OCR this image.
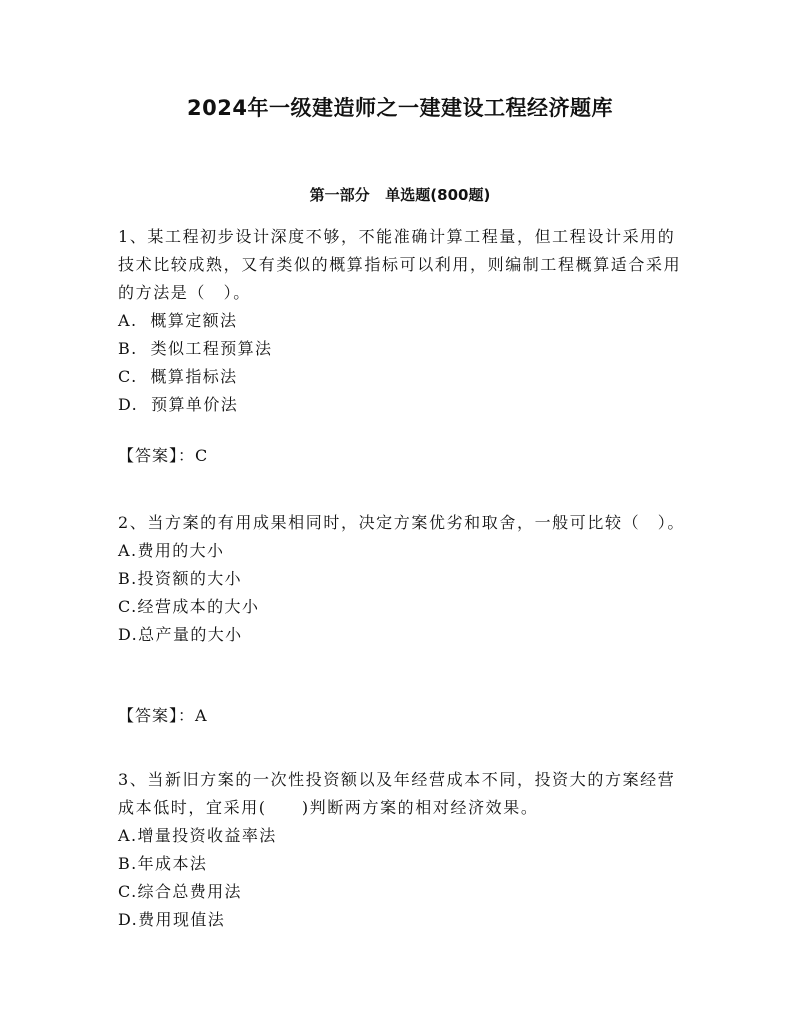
2024年一级建造师之一建建设工程经济题库
第一部分   单选题(800题)

1、某工程初步设计深度不够，不能准确计算工程量，但工程设计采用的技术比较成熟，又有类似的概算指标可以利用，则编制工程概算适合采用的方法是（　）。

A.  概算定额法

B.  类似工程预算法

C.  概算指标法

D.  预算单价法

【答案】：C

2、当方案的有用成果相同时，决定方案优劣和取舍，一般可比较（　）。

A.费用的大小

B.投资额的大小

C.经营成本的大小

D.总产量的大小

【答案】：A

3、当新旧方案的一次性投资额以及年经营成本不同，投资大的方案经营成本低时，宜采用(　　)判断两方案的相对经济效果。

A.增量投资收益率法

B.年成本法

C.综合总费用法

D.费用现值法
